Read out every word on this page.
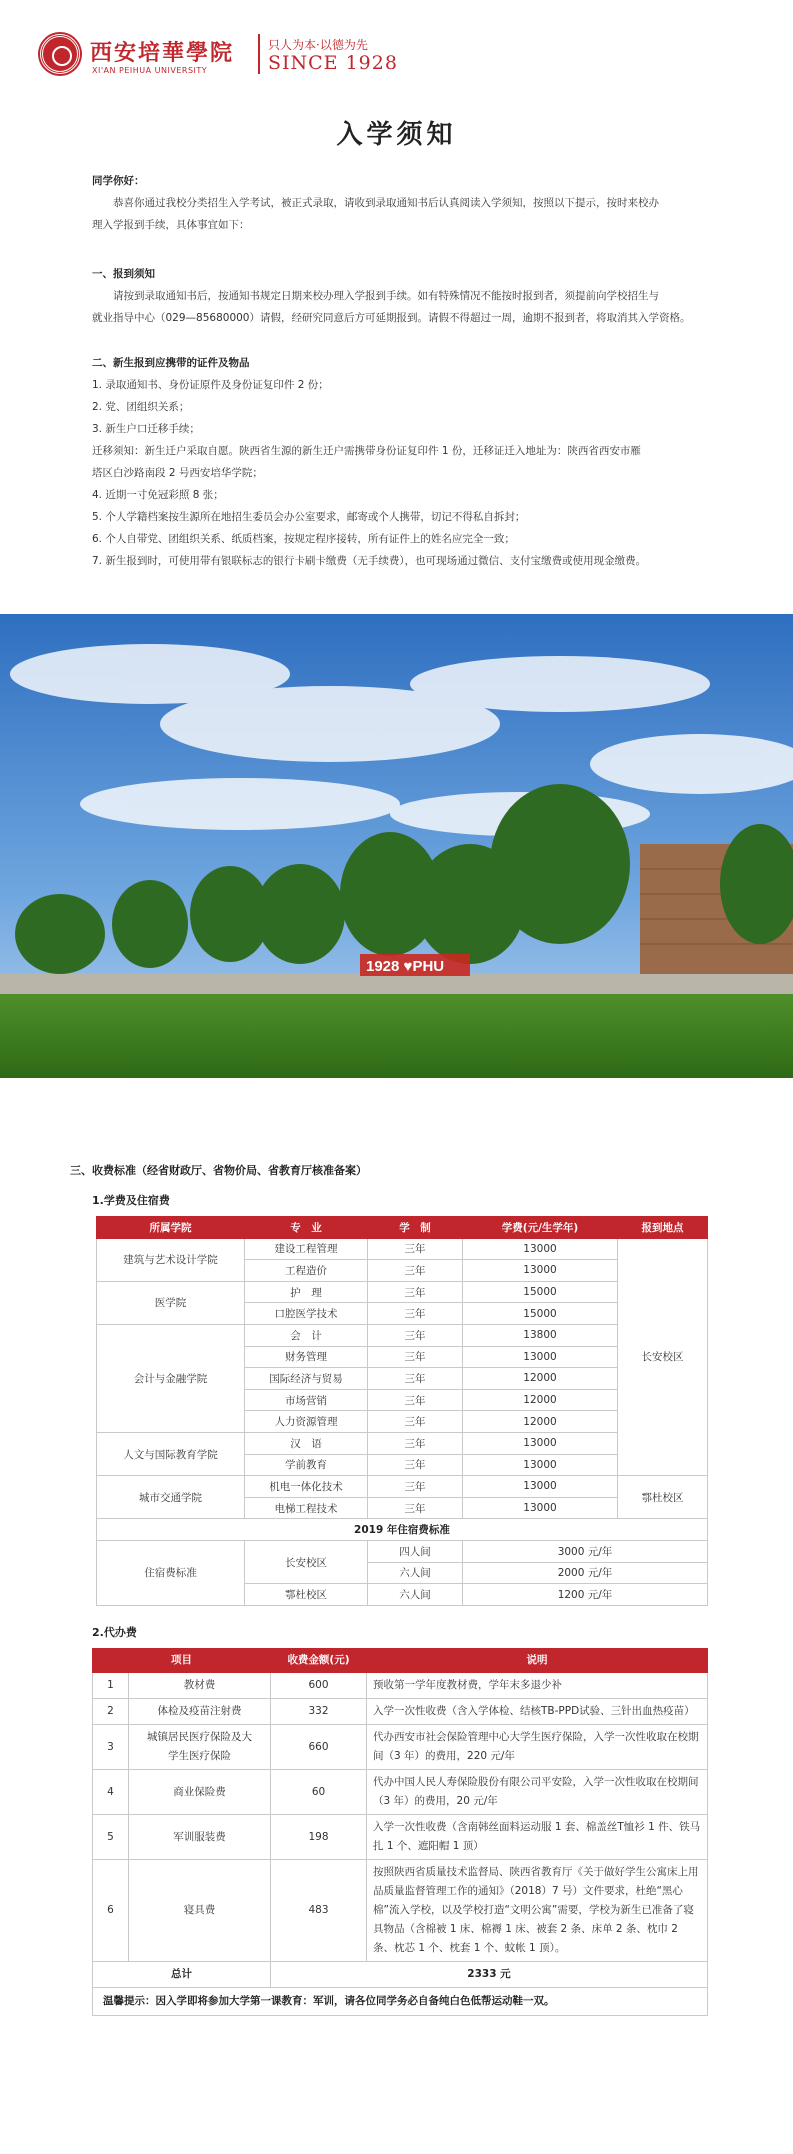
西安培華學院
XI'AN PEIHUA UNIVERSITY
只人为本·以德为先
SINCE 1928
入学须知
同学你好：
恭喜你通过我校分类招生入学考试，被正式录取，请收到录取通知书后认真阅读入学须知，按照以下提示，按时来校办
理入学报到手续，具体事宜如下：
一、报到须知
请按到录取通知书后，按通知书规定日期来校办理入学报到手续。如有特殊情况不能按时报到者，须提前向学校招生与
就业指导中心（029—85680000）请假，经研究同意后方可延期报到。请假不得超过一周，逾期不报到者，将取消其入学资格。
二、新生报到应携带的证件及物品
1. 录取通知书、身份证原件及身份证复印件 2 份；
2. 党、团组织关系；
3. 新生户口迁移手续；
迁移须知：新生迁户采取自愿。陕西省生源的新生迁户需携带身份证复印件 1 份，迁移证迁入地址为：陕西省西安市雁
塔区白沙路南段 2 号西安培华学院；
4. 近期一寸免冠彩照 8 张；
5. 个人学籍档案按生源所在地招生委员会办公室要求，邮寄或个人携带，切记不得私自拆封；
6. 个人自带党、团组织关系、纸质档案，按规定程序接转，所有证件上的姓名应完全一致；
7. 新生报到时，可使用带有银联标志的银行卡刷卡缴费（无手续费），也可现场通过微信、支付宝缴费或使用现金缴费。
1928 ♥PHU
三、收费标准（经省财政厅、省物价局、省教育厅核准备案）
1.学费及住宿费
所属学院	专　业	学　制	学费(元/生学年)	报到地点
建筑与艺术设计学院	建设工程管理	三年	13000	长安校区
	工程造价	三年	13000	
医学院	护　理	三年	15000	
	口腔医学技术	三年	15000	
会计与金融学院	会　计	三年	13800	
	财务管理	三年	13000	
	国际经济与贸易	三年	12000	
	市场营销	三年	12000	
	人力资源管理	三年	12000	
人文与国际教育学院	汉　语	三年	13000	
	学前教育	三年	13000	
城市交通学院	机电一体化技术	三年	13000	鄠杜校区
	电梯工程技术	三年	13000	
2019 年住宿费标准				
住宿费标准	长安校区	四人间	3000 元/年	
		六人间	2000 元/年	
	鄠杜校区	六人间	1200 元/年	
2.代办费
项目		收费金额(元)	说明
1	教材费	600	预收第一学年度教材费，学年末多退少补
2	体检及疫苗注射费	332	入学一次性收费（含入学体检、结核TB-PPD试验、三针出血热疫苗）
3	城镇居民医疗保险及大学生医疗保险	660	代办西安市社会保险管理中心大学生医疗保险，入学一次性收取在校期间（3 年）的费用，220 元/年
4	商业保险费	60	代办中国人民人寿保险股份有限公司平安险，入学一次性收取在校期间（3 年）的费用，20 元/年
5	军训服装费	198	入学一次性收费（含南韩丝面料运动服 1 套、棉盖丝T恤衫 1 件、铁马扎 1 个、遮阳帽 1 顶）
6	寝具费	483	按照陕西省质量技术监督局、陕西省教育厅《关于做好学生公寓床上用品质量监督管理工作的通知》（2018）7 号）文件要求，杜绝“黑心棉”流入学校，以及学校打造“文明公寓”需要，学校为新生已准备了寝具物品（含棉被 1 床、棉褥 1 床、被套 2 条、床单 2 条、枕巾 2 条、枕芯 1 个、枕套 1 个、蚊帐 1 顶）。
总计		2333 元	
温馨提示：因入学即将参加大学第一课教育：军训，请各位同学务必自备纯白色低帮运动鞋一双。			
